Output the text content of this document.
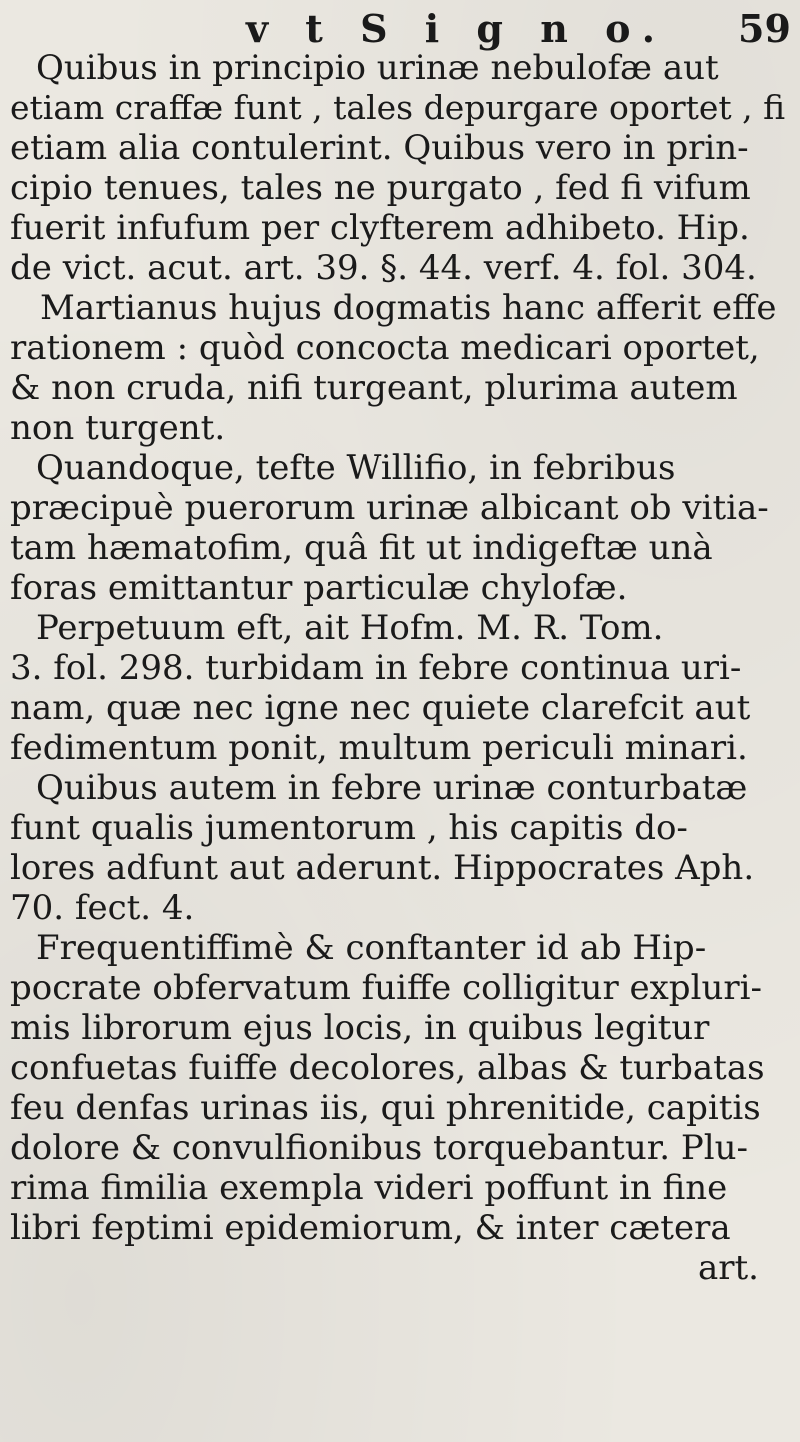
v t S i g n o. 59
Quibus in principio urinæ nebulofæ aut
etiam craffæ funt , tales depurgare oportet , fi
etiam alia contulerint. Quibus vero in prin-
cipio tenues, tales ne purgato , fed fi vifum
fuerit infufum per clyfterem adhibeto. Hip.
de vict. acut. art. 39. §. 44. verf. 4. fol. 304.
Martianus hujus dogmatis hanc afferit effe
rationem : quòd concocta medicari oportet,
& non cruda, nifi turgeant, plurima autem
non turgent.
Quandoque, tefte Willifio, in febribus
præcipuè puerorum urinæ albicant ob vitia-
tam hæmatofim, quâ fit ut indigeftæ unà
foras emittantur particulæ chylofæ.
Perpetuum eft, ait Hofm. M. R. Tom.
3. fol. 298. turbidam in febre continua uri-
nam, quæ nec igne nec quiete clarefcit aut
fedimentum ponit, multum periculi minari.
Quibus autem in febre urinæ conturbatæ
funt qualis jumentorum , his capitis do-
lores adfunt aut aderunt. Hippocrates Aph.
70. fect. 4.
Frequentiffimè & conftanter id ab Hip-
pocrate obfervatum fuiffe colligitur expluri-
mis librorum ejus locis, in quibus legitur
confuetas fuiffe decolores, albas & turbatas
feu denfas urinas iis, qui phrenitide, capitis
dolore & convulfionibus torquebantur. Plu-
rima fimilia exempla videri poffunt in fine
libri feptimi epidemiorum, & inter cætera
art.
